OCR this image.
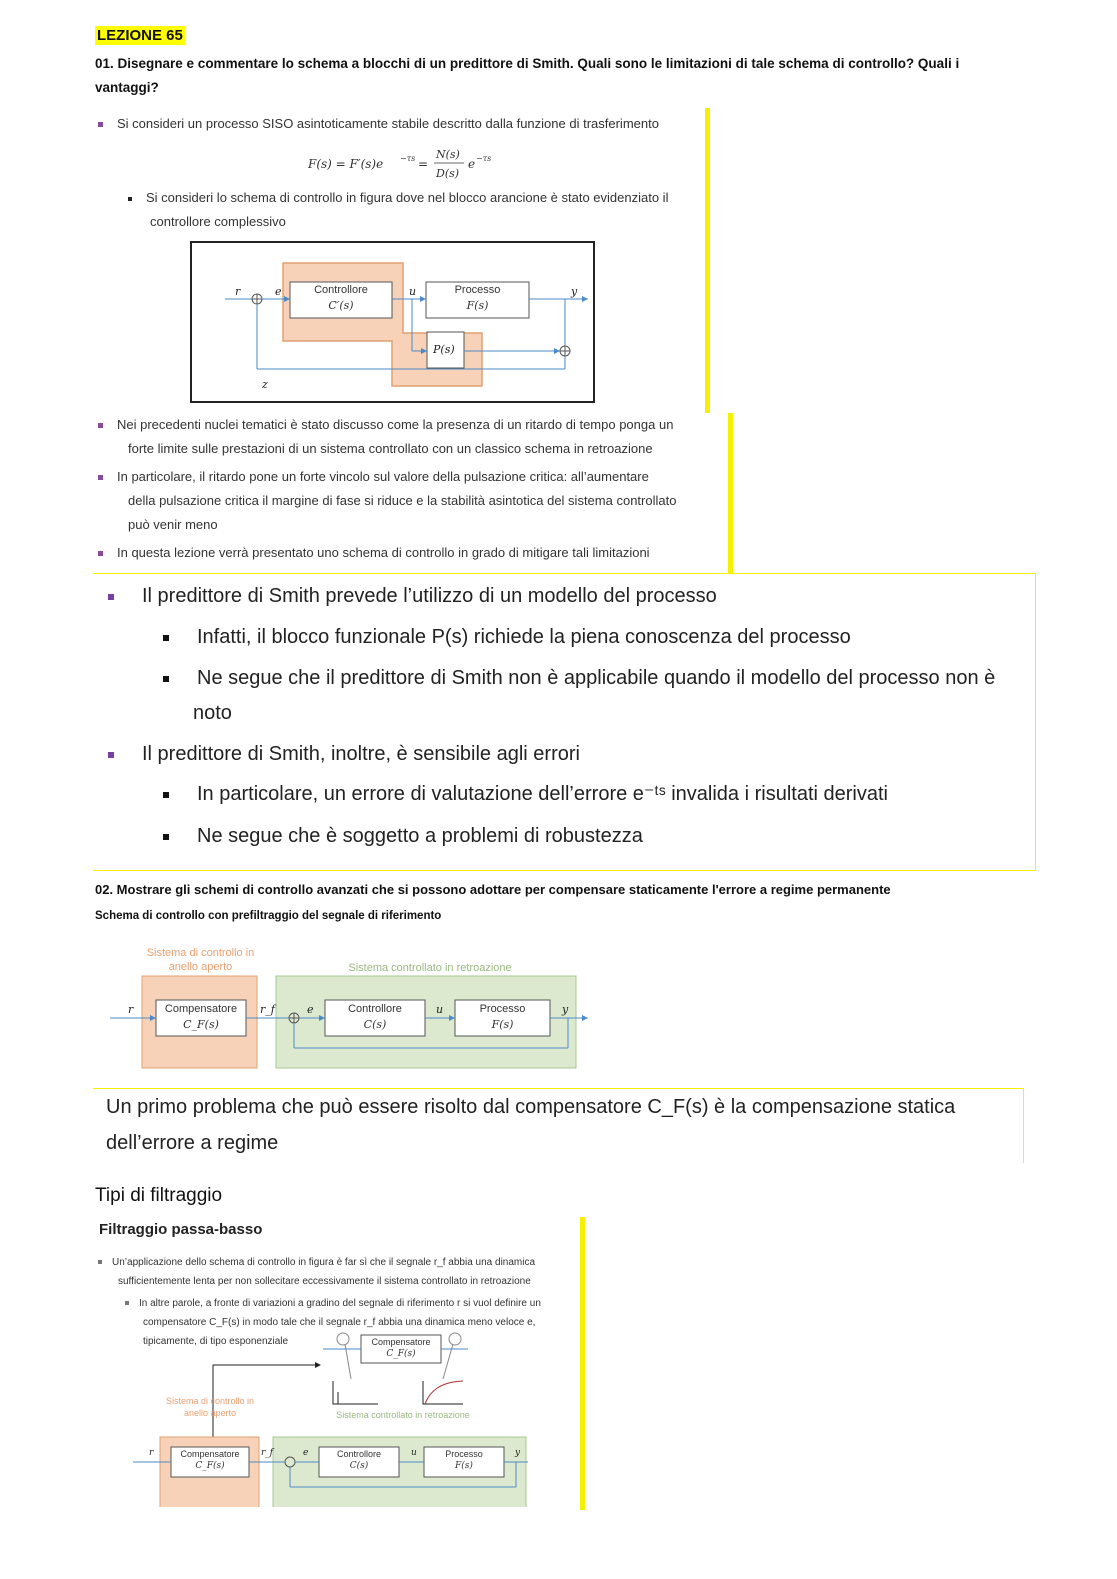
LEZIONE 65
01. Disegnare e commentare lo schema a blocchi di un predittore di Smith. Quali sono le limitazioni di tale schema di controllo? Quali i
vantaggi?
Si consideri un processo SISO asintoticamente stabile descritto dalla funzione di trasferimento
F(s) = F′(s)e −τs =
N(s)
D(s)
e −τs
Si consideri lo schema di controllo in figura dove nel blocco arancione è stato evidenziato il
controllore complessivo
Controllore
C′(s)
Processo
F(s)
P(s)
r	e	u	y
z
Nei precedenti nuclei tematici è stato discusso come la presenza di un ritardo di tempo ponga un
forte limite sulle prestazioni di un sistema controllato con un classico schema in retroazione
In particolare, il ritardo pone un forte vincolo sul valore della pulsazione critica: all’aumentare
della pulsazione critica il margine di fase si riduce e la stabilità asintotica del sistema controllato
può venir meno
In questa lezione verrà presentato uno schema di controllo in grado di mitigare tali limitazioni
Il predittore di Smith prevede l’utilizzo di un modello del processo
Infatti, il blocco funzionale P(s) richiede la piena conoscenza del processo
Ne segue che il predittore di Smith non è applicabile quando il modello del processo non è
noto
Il predittore di Smith, inoltre, è sensibile agli errori
In particolare, un errore di valutazione dell’errore e⁻ᵗˢ invalida i risultati derivati
Ne segue che è soggetto a problemi di robustezza
02. Mostrare gli schemi di controllo avanzati che si possono adottare per compensare staticamente l'errore a regime permanente
Schema di controllo con prefiltraggio del segnale di riferimento
Sistema di controllo in anello aperto	Sistema controllato in retroazione
Compensatore
C_F(s)
Controllore
C(s)
Processo
F(s)
r	r_f	e	u	y
Un primo problema che può essere risolto dal compensatore C_F(s) è la compensazione statica
dell’errore a regime
Tipi di filtraggio
Filtraggio passa-basso
Un’applicazione dello schema di controllo in figura è far sì che il segnale r_f abbia una dinamica
sufficientemente lenta per non sollecitare eccessivamente il sistema controllato in retroazione
In altre parole, a fronte di variazioni a gradino del segnale di riferimento r si vuol definire un
compensatore C_F(s) in modo tale che il segnale r_f abbia una dinamica meno veloce e,
tipicamente, di tipo esponenziale	Compensatore
C_F(s)
Sistema di controllo in anello aperto	Sistema controllato in retroazione
Compensatore
C_F(s)
Controllore
C(s)
Processo
F(s)
r	r_f	e	u	y
